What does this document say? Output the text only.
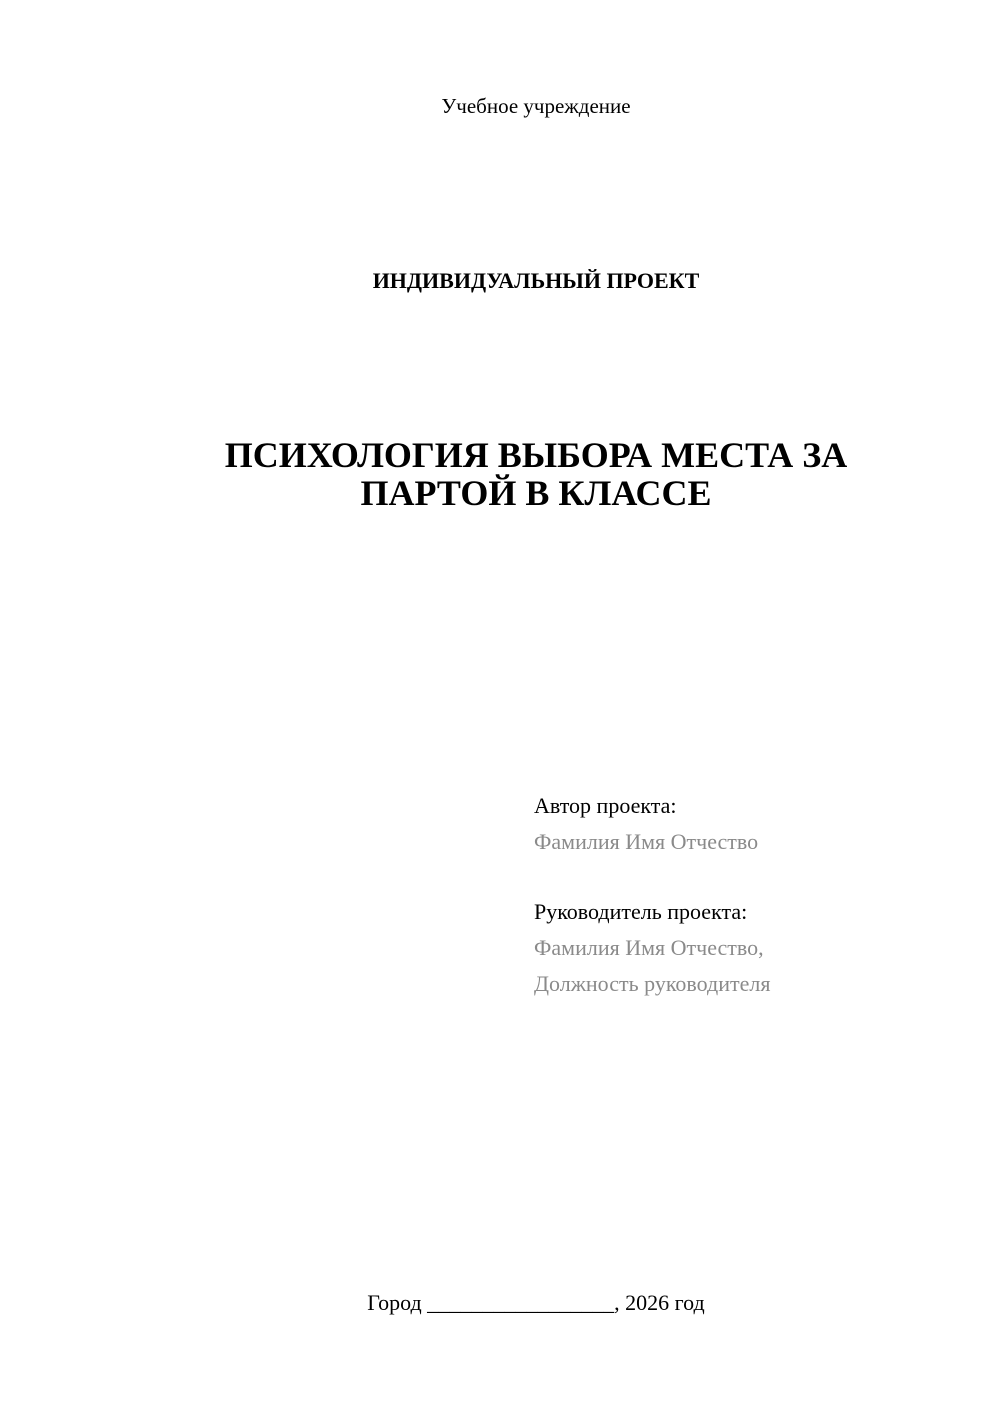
Учебное учреждение
ИНДИВИДУАЛЬНЫЙ ПРОЕКТ
ПСИХОЛОГИЯ ВЫБОРА МЕСТА ЗА
ПАРТОЙ В КЛАССЕ
Автор проекта:
Фамилия Имя Отчество
Руководитель проекта:
Фамилия Имя Отчество,
Должность руководителя
Город _________________, 2026 год
